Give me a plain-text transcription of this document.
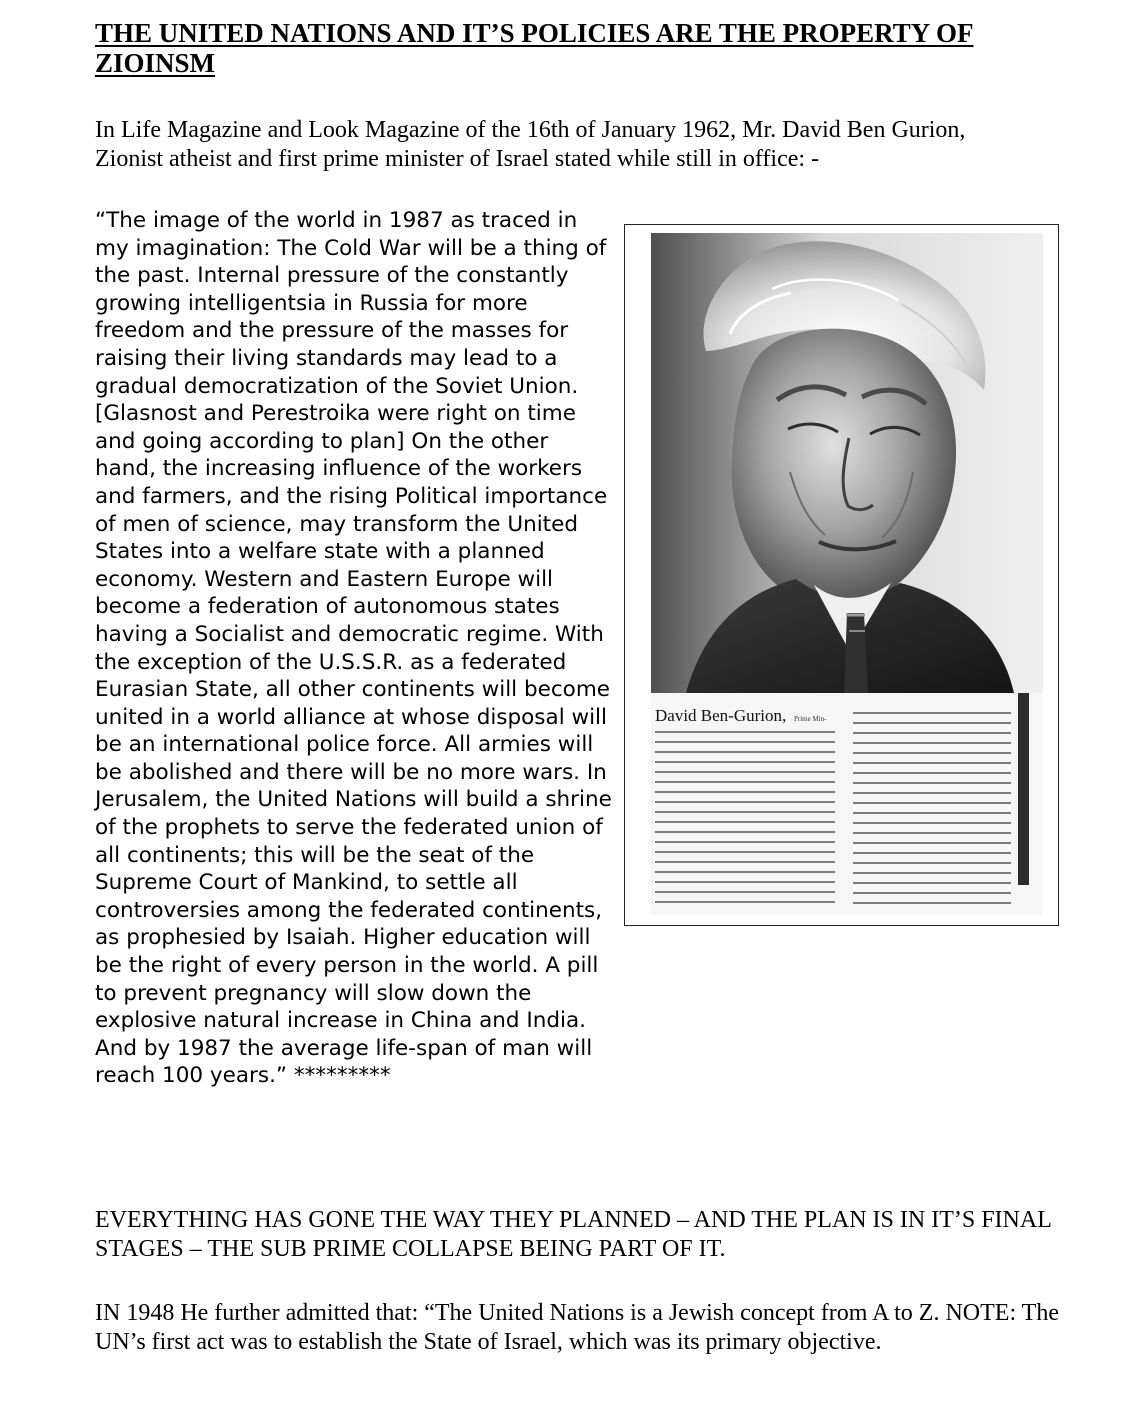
THE UNITED NATIONS AND IT’S POLICIES ARE THE PROPERTY OF ZIOINSM

In Life Magazine and Look Magazine of the 16th of January 1962, Mr. David Ben Gurion, Zionist atheist and first prime minister of Israel stated while still in office: -

“The image of the world in 1987 as traced in my imagination: The Cold War will be a thing of the past. Internal pressure of the constantly growing intelligentsia in Russia for more freedom and the pressure of the masses for raising their living standards may lead to a gradual democratization of the Soviet Union. [Glasnost and Perestroika were right on time and going according to plan] On the other hand, the increasing influence of the workers and farmers, and the rising Political importance of men of science, may transform the United States into a welfare state with a planned economy. Western and Eastern Europe will become a federation of autonomous states having a Socialist and democratic regime. With the exception of the U.S.S.R. as a federated Eurasian State, all other continents will become united in a world alliance at whose disposal will be an international police force. All armies will be abolished and there will be no more wars. In Jerusalem, the United Nations will build a shrine of the prophets to serve the federated union of all continents; this will be the seat of the Supreme Court of Mankind, to settle all controversies among the federated continents, as prophesied by Isaiah. Higher education will be the right of every person in the world. A pill to prevent pregnancy will slow down the explosive natural increase in China and India. And by 1987 the average life-span of man will reach 100 years.” *********

David Ben-Gurion, Prime Min-

EVERYTHING HAS GONE THE WAY THEY PLANNED – AND THE PLAN IS IN IT’S FINAL STAGES – THE SUB PRIME COLLAPSE BEING PART OF IT.

IN 1948 He further admitted that: “The United Nations is a Jewish concept from A to Z. NOTE: The UN’s first act was to establish the State of Israel, which was its primary objective.
